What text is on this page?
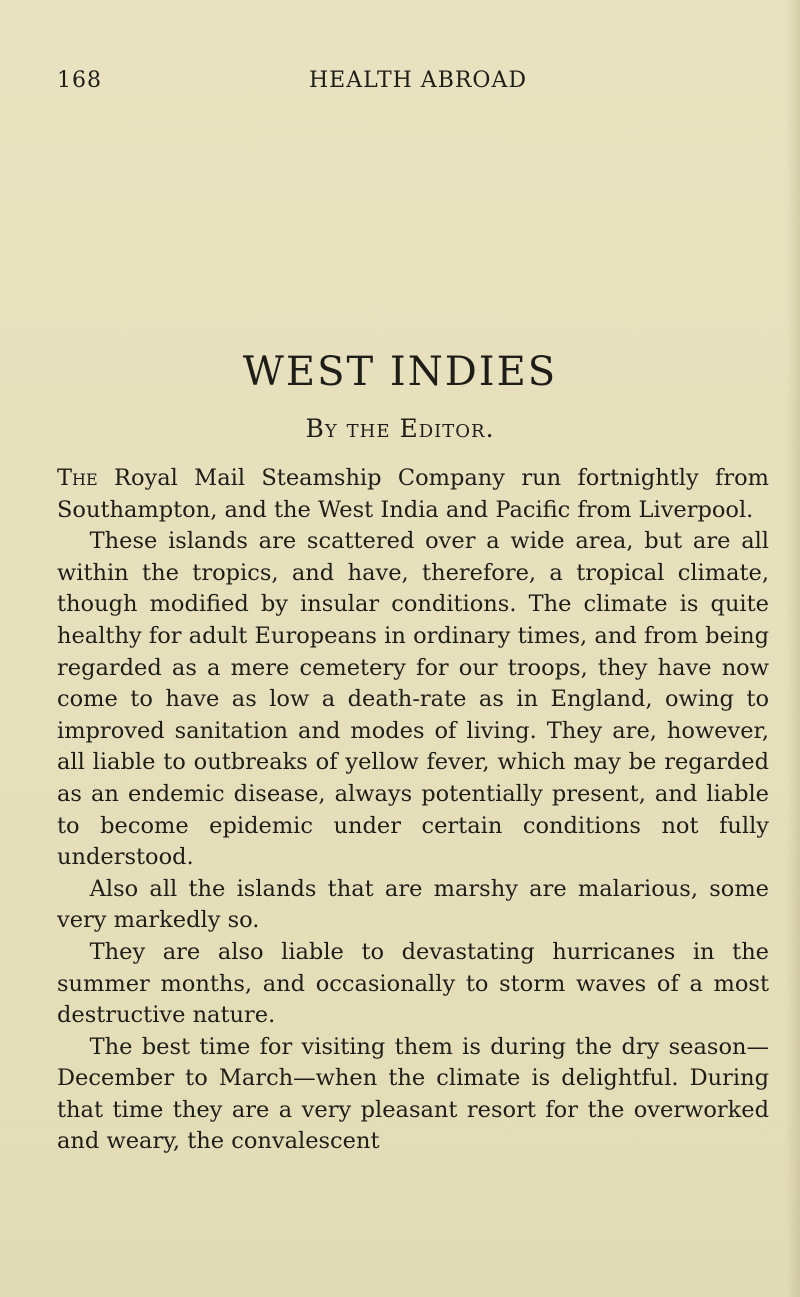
168	HEALTH ABROAD
WEST INDIES
By the Editor.

The Royal Mail Steamship Company run fortnightly from Southampton, and the West India and Pacific from Liverpool.

These islands are scattered over a wide area, but are all within the tropics, and have, therefore, a tropical climate, though modified by insular conditions. The climate is quite healthy for adult Europeans in ordinary times, and from being regarded as a mere cemetery for our troops, they have now come to have as low a death-rate as in England, owing to improved sanitation and modes of living. They are, however, all liable to outbreaks of yellow fever, which may be regarded as an endemic disease, always potentially present, and liable to become epidemic under certain conditions not fully understood.

Also all the islands that are marshy are malarious, some very markedly so.

They are also liable to devastating hurricanes in the summer months, and occasionally to storm waves of a most destructive nature.

The best time for visiting them is during the dry season—December to March—when the climate is delightful. During that time they are a very pleasant resort for the overworked and weary, the convalescent
